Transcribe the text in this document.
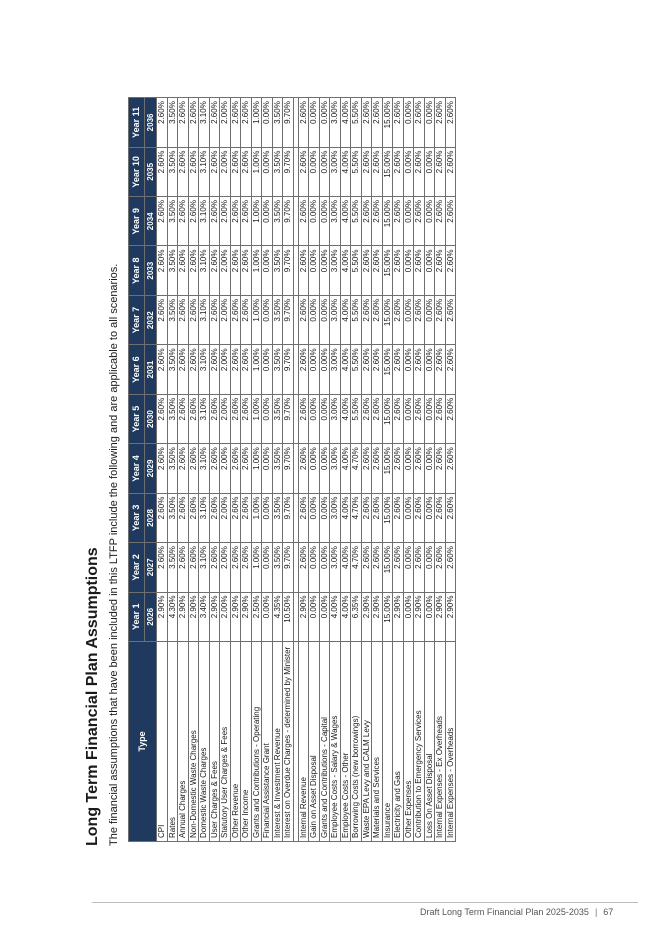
Long Term Financial Plan Assumptions The financial assumptions that have been included in this LTFP include the following and are applicable to all scenarios. Type	Year 1	Year 2	Year 3	Year 4	Year 5	Year 6	Year 7	Year 8	Year 9	Year 10	Year 11
	2026	2027	2028	2029	2030	2031	2032	2033	2034	2035	2036
CPI	2.90%	2.60%	2.60%	2.60%	2.60%	2.60%	2.60%	2.60%	2.60%	2.60%	2.60%
Rates	4.30%	3.50%	3.50%	3.50%	3.50%	3.50%	3.50%	3.50%	3.50%	3.50%	3.50%
Annual Charges	2.90%	2.60%	2.60%	2.60%	2.60%	2.60%	2.60%	2.60%	2.60%	2.60%	2.60%
Non-Domestic Waste Charges	2.90%	2.60%	2.60%	2.60%	2.60%	2.60%	2.60%	2.60%	2.60%	2.60%	2.60%
Domestic Waste Charges	3.40%	3.10%	3.10%	3.10%	3.10%	3.10%	3.10%	3.10%	3.10%	3.10%	3.10%
User Charges & Fees	2.90%	2.60%	2.60%	2.60%	2.60%	2.60%	2.60%	2.60%	2.60%	2.60%	2.60%
Statutory User Charges & Fees	2.00%	2.00%	2.00%	2.00%	2.00%	2.00%	2.00%	2.00%	2.00%	2.00%	2.00%
Other Revenue	2.90%	2.60%	2.60%	2.60%	2.60%	2.60%	2.60%	2.60%	2.60%	2.60%	2.60%
Other Income	2.90%	2.60%	2.60%	2.60%	2.60%	2.60%	2.60%	2.60%	2.60%	2.60%	2.60%
Grants and Contributions - Operating	2.50%	1.00%	1.00%	1.00%	1.00%	1.00%	1.00%	1.00%	1.00%	1.00%	1.00%
Financial Assistance Grant	0.00%	0.00%	0.00%	0.00%	0.00%	0.00%	0.00%	0.00%	0.00%	0.00%	0.00%
Interest & Investment Revenue	4.35%	3.50%	3.50%	3.50%	3.50%	3.50%	3.50%	3.50%	3.50%	3.50%	3.50%
Interest on Overdue Charges - determined by Minister	10.50%	9.70%	9.70%	9.70%	9.70%	9.70%	9.70%	9.70%	9.70%	9.70%	9.70%

Internal Revenue	2.90%	2.60%	2.60%	2.60%	2.60%	2.60%	2.60%	2.60%	2.60%	2.60%	2.60%
Gain on Asset Disposal	0.00%	0.00%	0.00%	0.00%	0.00%	0.00%	0.00%	0.00%	0.00%	0.00%	0.00%
Grants and Contributions - Capital	0.00%	0.00%	0.00%	0.00%	0.00%	0.00%	0.00%	0.00%	0.00%	0.00%	0.00%
Employee Costs - Salary & Wages	4.00%	3.00%	3.00%	3.00%	3.00%	3.00%	3.00%	3.00%	3.00%	3.00%	3.00%
Employee Costs - Other	4.00%	4.00%	4.00%	4.00%	4.00%	4.00%	4.00%	4.00%	4.00%	4.00%	4.00%
Borrowing Costs (new borrowings)	6.35%	4.70%	4.70%	4.70%	5.50%	5.50%	5.50%	5.50%	5.50%	5.50%	5.50%
Waste EPA Levy and CALM Levy	2.90%	2.60%	2.60%	2.60%	2.60%	2.60%	2.60%	2.60%	2.60%	2.60%	2.60%
Materials and Services	2.90%	2.60%	2.60%	2.60%	2.60%	2.60%	2.60%	2.60%	2.60%	2.60%	2.60%
Insurance	15.00%	15.00%	15.00%	15.00%	15.00%	15.00%	15.00%	15.00%	15.00%	15.00%	15.00%
Electricity and Gas	2.90%	2.60%	2.60%	2.60%	2.60%	2.60%	2.60%	2.60%	2.60%	2.60%	2.60%
Other Expenses	0.00%	0.00%	0.00%	0.00%	0.00%	0.00%	0.00%	0.00%	0.00%	0.00%	0.00%
Contribution to Emergency Services	2.90%	2.60%	2.60%	2.60%	2.60%	2.60%	2.60%	2.60%	2.60%	2.60%	2.60%
Loss On Asset Disposal	0.00%	0.00%	0.00%	0.00%	0.00%	0.00%	0.00%	0.00%	0.00%	0.00%	0.00%
Internal Expenses - Ex Overheads	2.90%	2.60%	2.60%	2.60%	2.60%	2.60%	2.60%	2.60%	2.60%	2.60%	2.60%
Internal Expenses - Overheads	2.90%	2.60%	2.60%	2.60%	2.60%	2.60%	2.60%	2.60%	2.60%	2.60%	2.60%
Draft Long Term Financial Plan 2025-2035 | 67
